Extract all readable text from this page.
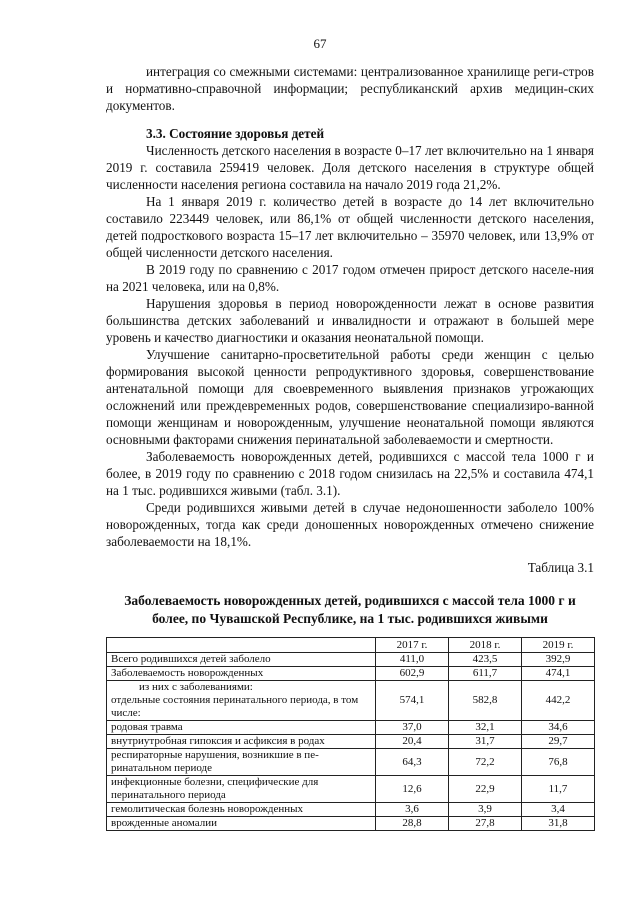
67

интеграция со смежными системами: централизованное хранилище реги-стров и нормативно-справочной информации; республиканский архив медицин-ских документов.

3.3. Состояние здоровья детей

Численность детского населения в возрасте 0–17 лет включительно на 1 января 2019 г. составила 259419 человек. Доля детского населения в структуре общей численности населения региона составила на начало 2019 года 21,2%.

На 1 января 2019 г. количество детей в возрасте до 14 лет включительно составило 223449 человек, или 86,1% от общей численности детского населения, детей подросткового возраста 15–17 лет включительно – 35970 человек, или 13,9% от общей численности детского населения.

В 2019 году по сравнению с 2017 годом отмечен прирост детского населе-ния на 2021 человека, или на 0,8%.

Нарушения здоровья в период новорожденности лежат в основе развития большинства детских заболеваний и инвалидности и отражают в большей мере уровень и качество диагностики и оказания неонатальной помощи.

Улучшение санитарно-просветительной работы среди женщин с целью формирования высокой ценности репродуктивного здоровья, совершенствование антенатальной помощи для своевременного выявления признаков угрожающих осложнений или преждевременных родов, совершенствование специализиро-ванной помощи женщинам и новорожденным, улучшение неонатальной помощи являются основными факторами снижения перинатальной заболеваемости и смертности.

Заболеваемость новорожденных детей, родившихся с массой тела 1000 г и более, в 2019 году по сравнению с 2018 годом снизилась на 22,5% и составила 474,1 на 1 тыс. родившихся живыми (табл. 3.1).

Среди родившихся живыми детей в случае недоношенности заболело 100% новорожденных, тогда как среди доношенных новорожденных отмечено снижение заболеваемости на 18,1%.

Таблица 3.1
Заболеваемость новорожденных детей, родившихся с массой тела 1000 г и более, по Чувашской Республике, на 1 тыс. родившихся живыми
	2017 г.	2018 г.	2019 г.
Всего родившихся детей заболело	411,0	423,5	392,9
Заболеваемость новорожденных	602,9	611,7	474,1

из них с заболеваниями:
отдельные состояния перинатального периода, в том числе:	574,1	582,8	442,2
родовая травма	37,0	32,1	34,6
внутриутробная гипоксия и асфиксия в родах	20,4	31,7	29,7
респираторные нарушения, возникшие в пе-ринатальном периоде	64,3	72,2	76,8
инфекционные болезни, специфические для перинатального периода	12,6	22,9	11,7
гемолитическая болезнь новорожденных	3,6	3,9	3,4
врожденные аномалии	28,8	27,8	31,8
